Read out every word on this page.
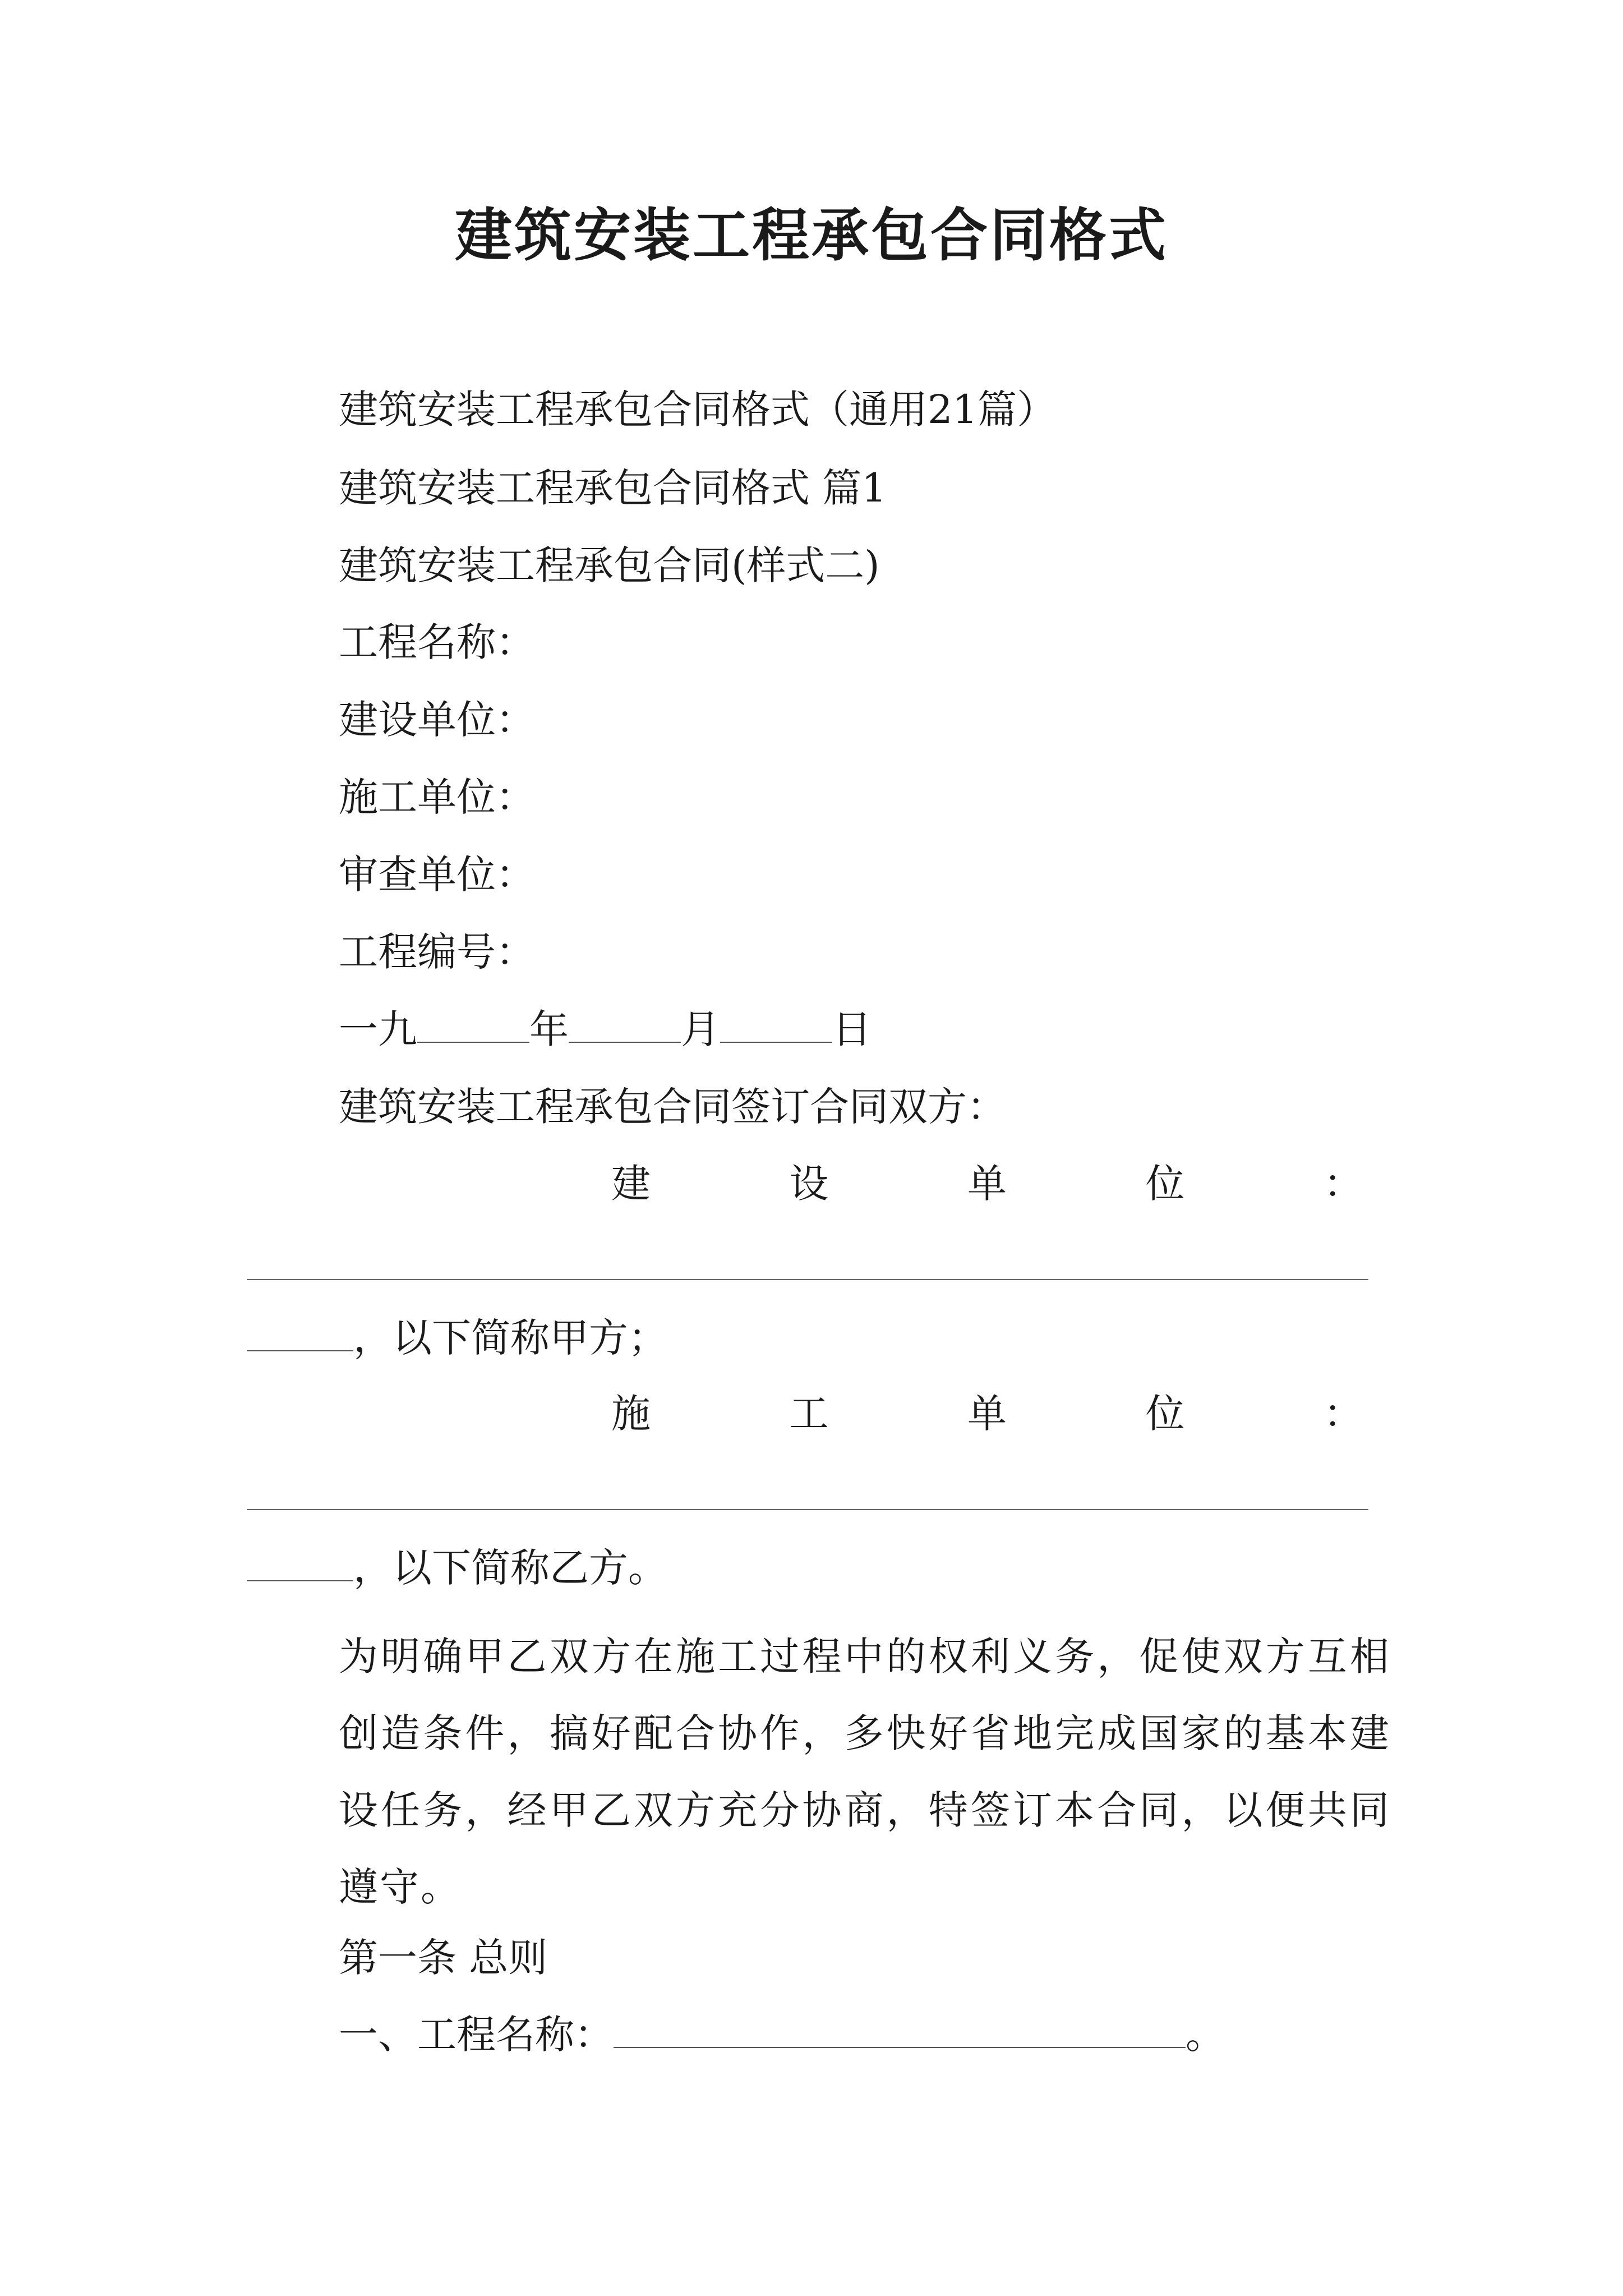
建筑安装工程承包合同格式
建筑安装工程承包合同格式（通用21篇）
建筑安装工程承包合同格式 篇1
建筑安装工程承包合同(样式二)
工程名称：
建设单位：
施工单位：
审查单位：
工程编号：
一九	年	月	日
建筑安装工程承包合同签订合同双方：
建	设	单	位	：
，以下简称甲方；
施	工	单	位	：
，以下简称乙方。
为明确甲乙双方在施工过程中的权利义务，促使双方互相创造条件，搞好配合协作，多快好省地完成国家的基本建设任务，经甲乙双方充分协商，特签订本合同，以便共同遵守。
第一条 总则
一、工程名称：	。
